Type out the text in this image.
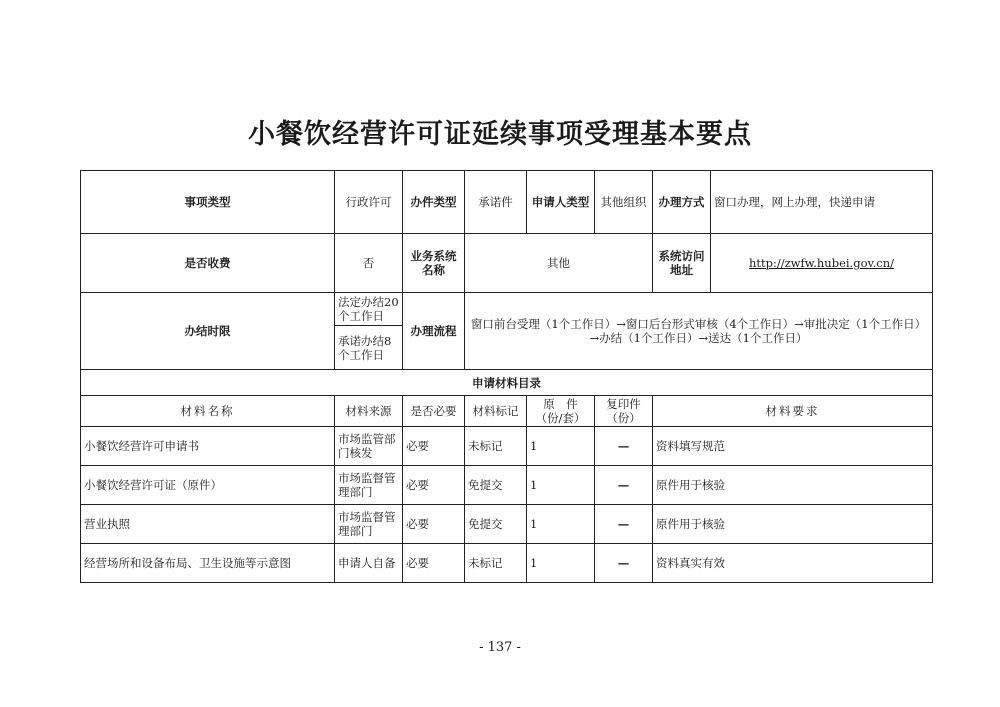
小餐饮经营许可证延续事项受理基本要点
事项类型	行政许可	办件类型	承诺件	申请人类型	其他组织	办理方式	窗口办理，网上办理，快递申请
是否收费	否	业务系统名称	其他			系统访问地址	http://zwfw.hubei.gov.cn/
办结时限	法定办结20个工作日	办理流程	窗口前台受理（1个工作日）→窗口后台形式审核（4个工作日）→审批决定（1个工作日）→办结（1个工作日）→送达（1个工作日）				
	承诺办结8个工作日						
申请材料目录							
材料名称	材料来源	是否必要	材料标记	原　件（份/套）	复印件（份）	材料要求	
小餐饮经营许可申请书	市场监管部门核发	必要	未标记	1	—	资料填写规范	
小餐饮经营许可证（原件）	市场监督管理部门	必要	免提交	1	—	原件用于核验	
营业执照	市场监督管理部门	必要	免提交	1	—	原件用于核验	
经营场所和设备布局、卫生设施等示意图	申请人自备	必要	未标记	1	—	资料真实有效	
- 137 -
